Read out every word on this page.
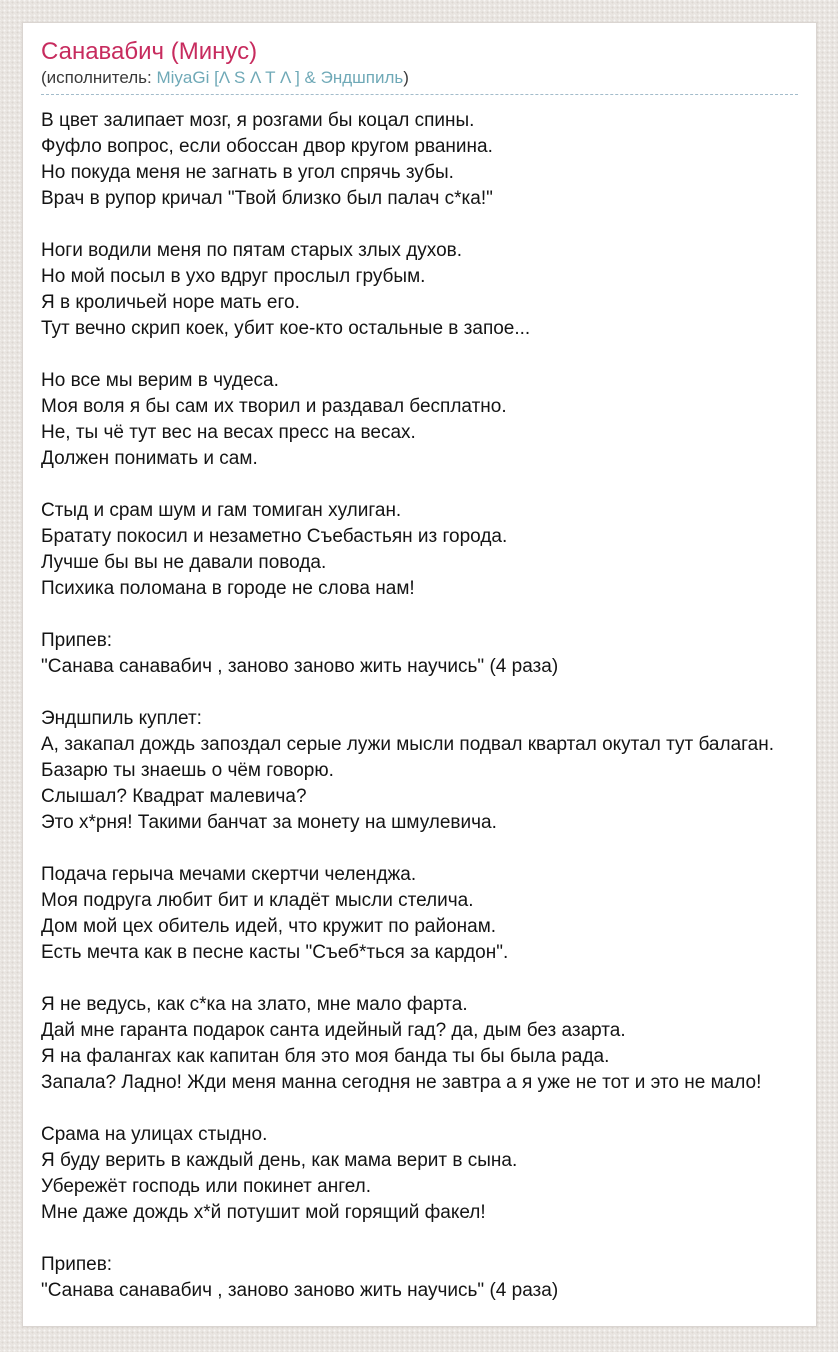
Санавабич (Минус)
(исполнитель: MiyaGi [Λ S Λ T Λ ] & Эндшпиль)
В цвет залипает мозг, я розгами бы коцал спины.
Фуфло вопрос, если обоссан двор кругом рванина.
Но покуда меня не загнать в угол спрячь зубы.
Врач в рупор кричал "Твой близко был палач с*ка!"
Ноги водили меня по пятам старых злых духов.
Но мой посыл в ухо вдруг прослыл грубым.
Я в кроличьей норе мать его.
Тут вечно скрип коек, убит кое-кто остальные в запое...
Но все мы верим в чудеса.
Моя воля я бы сам их творил и раздавал бесплатно.
Не, ты чё тут вес на весах пресс на весах.
Должен понимать и сам.
Стыд и срам шум и гам томиган хулиган.
Братату покосил и незаметно Съебастьян из города.
Лучше бы вы не давали повода.
Психика поломана в городе не слова нам!
Припев:
"Санава санавабич , заново заново жить научись" (4 раза)
Эндшпиль куплет:
А, закапал дождь запоздал серые лужи мысли подвал квартал окутал тут балаган.
Базарю ты знаешь о чём говорю.
Слышал? Квадрат малевича?
Это х*рня! Такими банчат за монету на шмулевича.
Подача герыча мечами скертчи челенджа.
Моя подруга любит бит и кладёт мысли стелича.
Дом мой цех обитель идей, что кружит по районам.
Есть мечта как в песне касты "Съеб*ться за кардон".
Я не ведусь, как с*ка на злато, мне мало фарта.
Дай мне гаранта подарок санта идейный гад? да, дым без азарта.
Я на фалангах как капитан бля это моя банда ты бы была рада.
Запала? Ладно! Жди меня манна сегодня не завтра а я уже не тот и это не мало!
Срама на улицах стыдно.
Я буду верить в каждый день, как мама верит в сына.
Убережёт господь или покинет ангел.
Мне даже дождь х*й потушит мой горящий факел!
Припев:
"Санава санавабич , заново заново жить научись" (4 раза)
